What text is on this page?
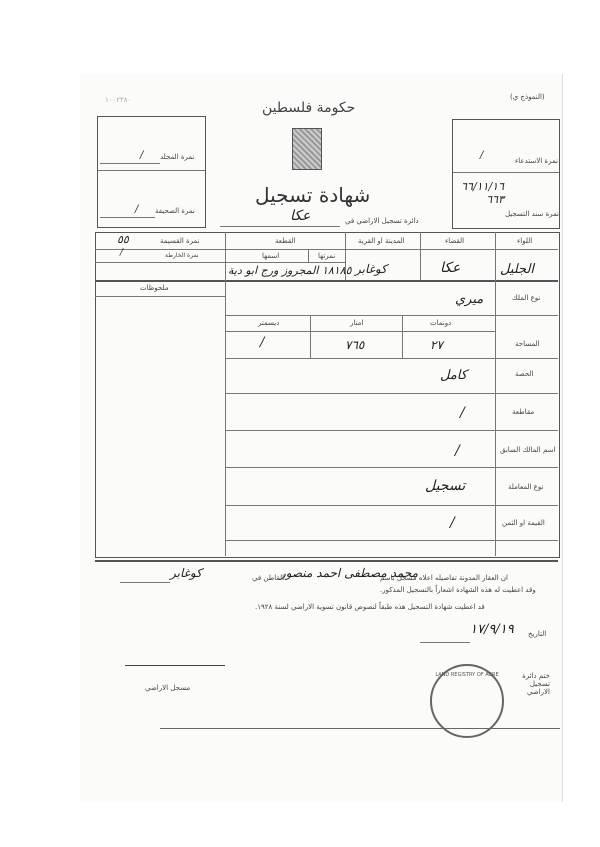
١٠٠٢٣٨٠	(النموذج ي)
حكومة فلسطين
شهادة تسجيل
دائرة تسجيل الاراضي في
عكا
نمرة المجلد
/
نمرة الصحيفة
/
نمرة الاستدعاء
/
نمرة سند التسجيل
٦٦/١١/١٦ ٦٦٣
اللواء
الجليل
القضاء
عكا
المدينة او القرية
كوغابر
القطعة
نمرتها
اسمها
١٨١٨٥ المجروز ورج ابو دية
نمرة القسيمة
٥٥
نمرة الخارطة
/
ملحوظات
نوع الملك
ميري
المساحة
دونمات
٢٧
امتار
٧٦٥
ديسمتر
/
الحصة
كامل
مقاطعة
/
اسم المالك السابق
/
نوع المعاملة
تسجيل
القيمة او الثمن
/
ان العقار المدونة تفاصيله اعلاه مسجل باسم
محمد مصطفى احمد منصور
القاطن في
كوغابر
وقد اعطيت له هذه الشهادة اشعاراً بالتسجيل المذكور.
قد اعطيت شهادة التسجيل هذه طبقاً لنصوص قانون تسوية الاراضي لسنة ١٩٢٨.
التاريخ
١٧/٩/١٩
ختم دائرة تسجيل الاراضي
LAND REGISTRY OF ACRE
مسجل الاراضي
